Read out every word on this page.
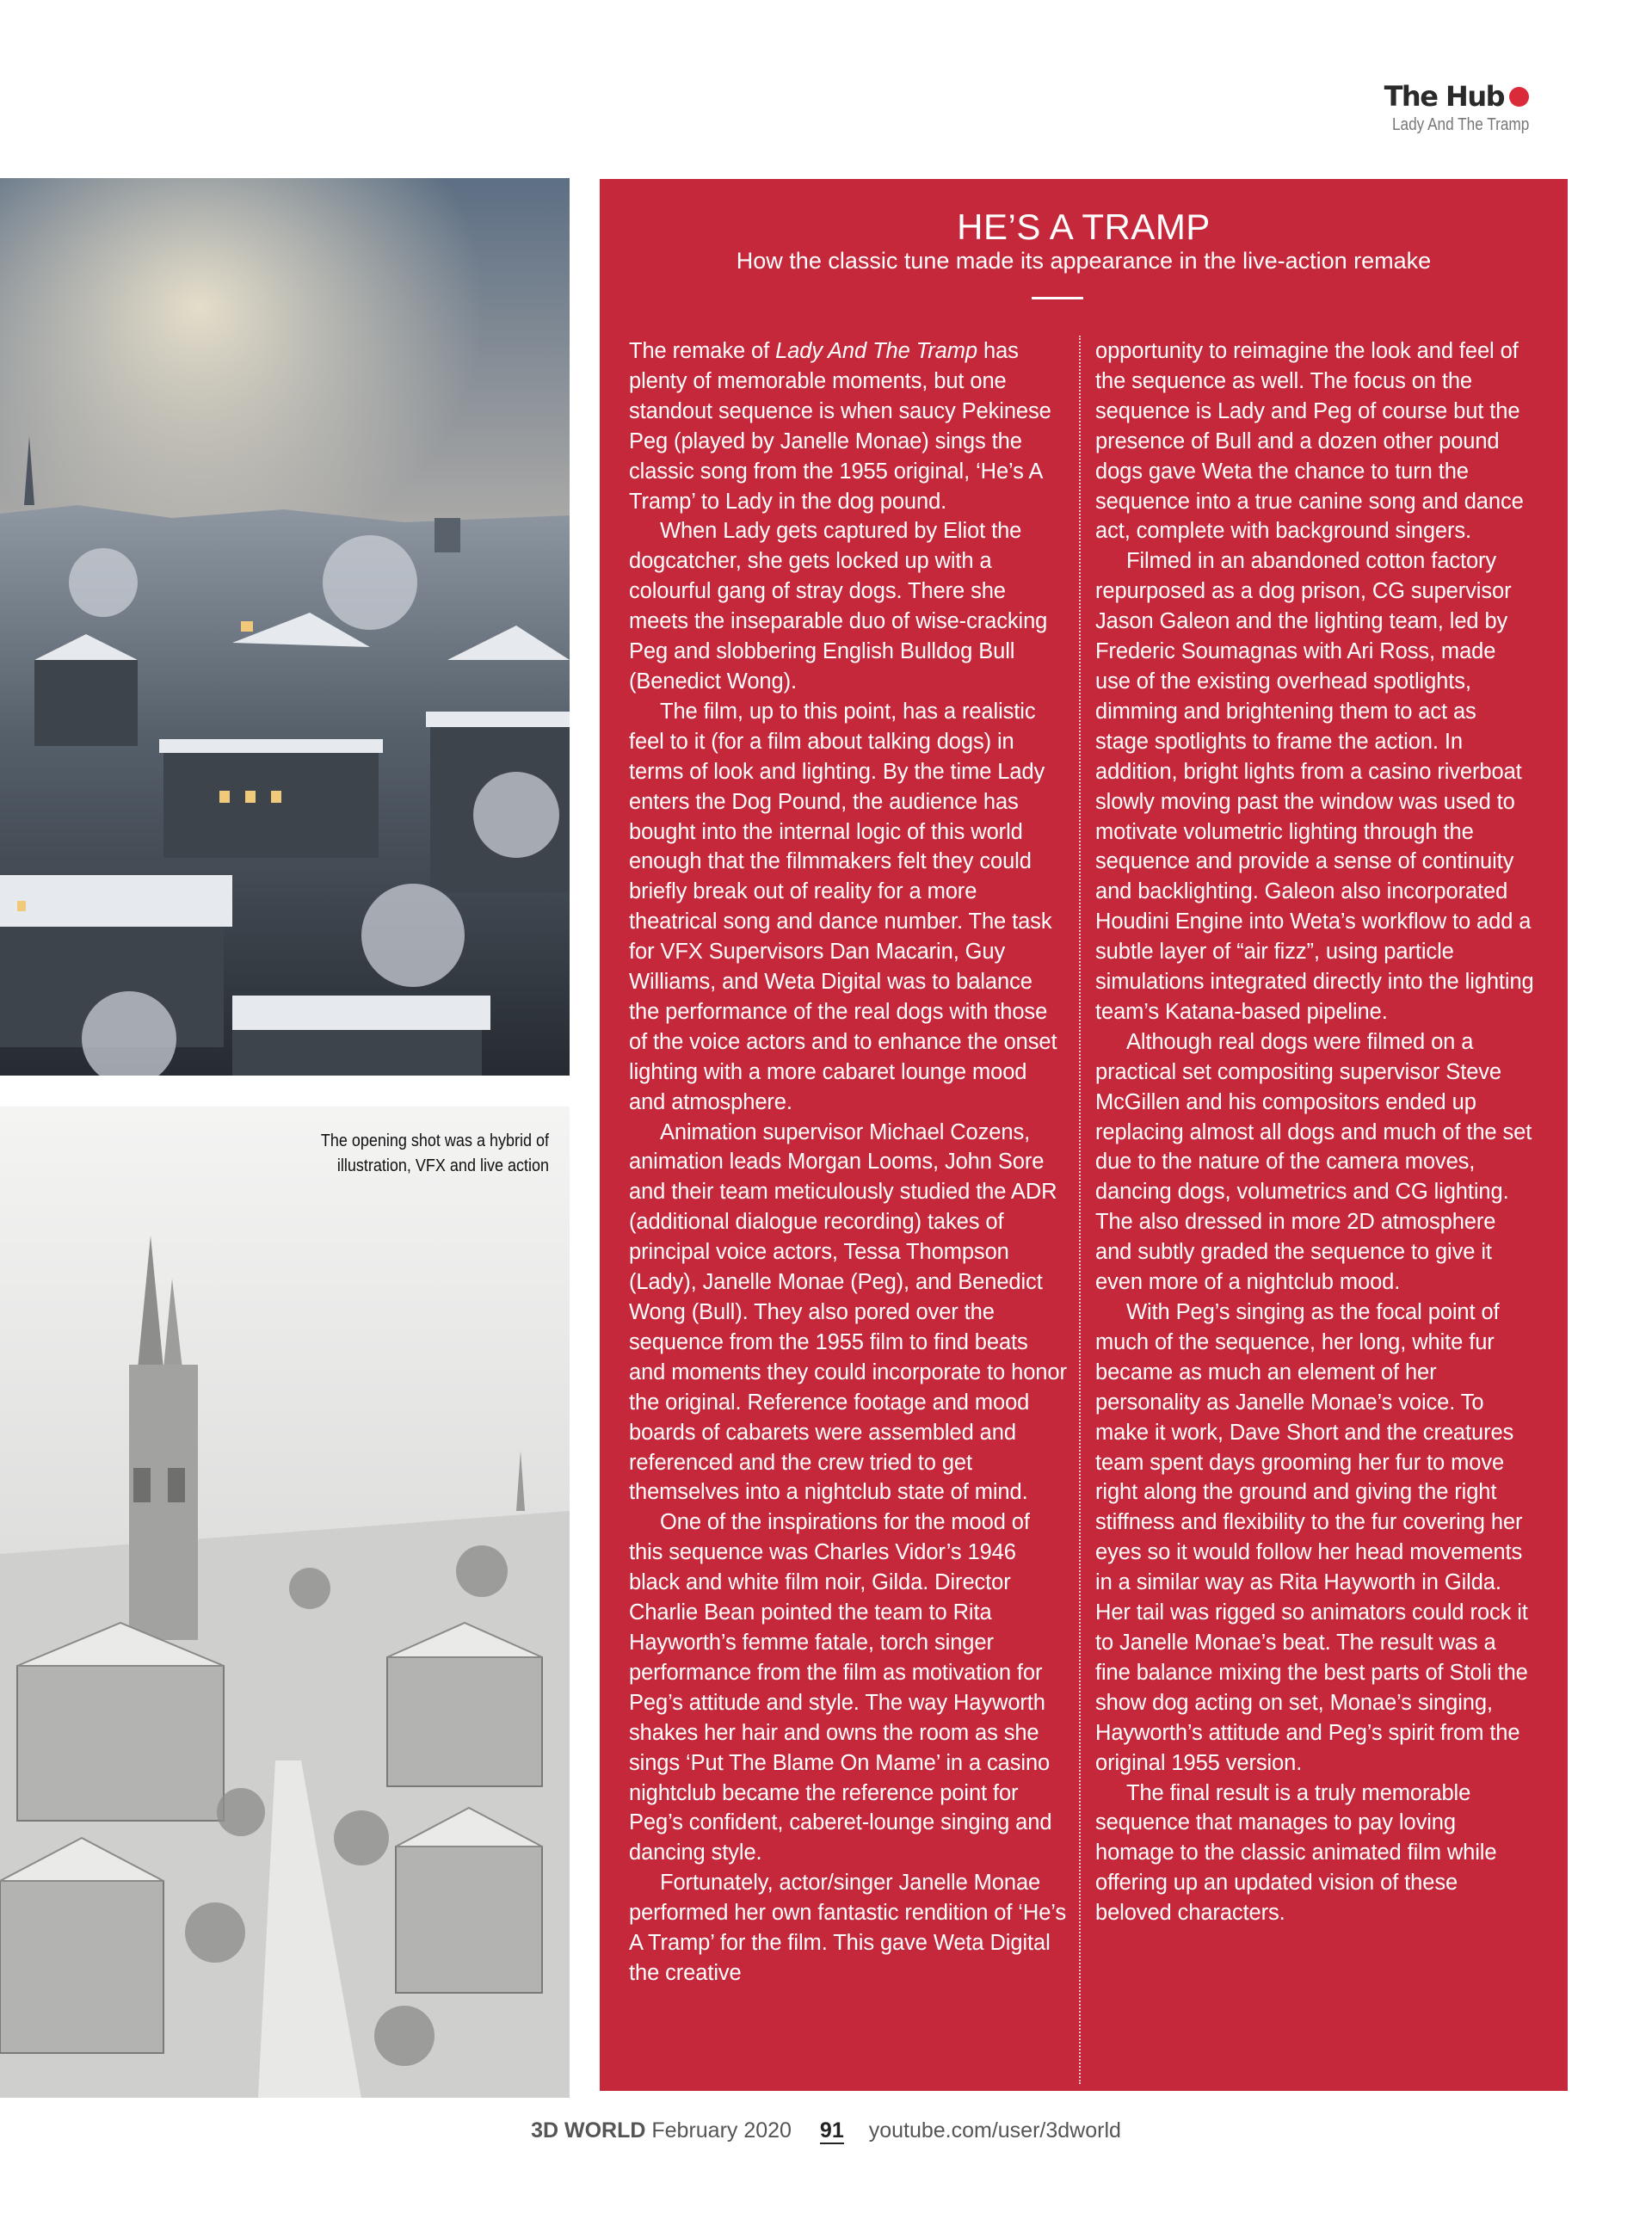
The Hub
Lady And The Tramp
The opening shot was a hybrid of illustration, VFX and live action
HE’S A TRAMP

How the classic tune made its appearance in the live-action remake

The remake of Lady And The Tramp has plenty of memorable moments, but one standout sequence is when saucy Pekinese Peg (played by Janelle Monae) sings the classic song from the 1955 original, ‘He’s A Tramp’ to Lady in the dog pound.

When Lady gets captured by Eliot the dogcatcher, she gets locked up with a colourful gang of stray dogs. There she meets the inseparable duo of wise-cracking Peg and slobbering English Bulldog Bull (Benedict Wong).

The film, up to this point, has a realistic feel to it (for a film about talking dogs) in terms of look and lighting. By the time Lady enters the Dog Pound, the audience has bought into the internal logic of this world enough that the filmmakers felt they could briefly break out of reality for a more theatrical song and dance number. The task for VFX Supervisors Dan Macarin, Guy Williams, and Weta Digital was to balance the performance of the real dogs with those of the voice actors and to enhance the onset lighting with a more cabaret lounge mood and atmosphere.

Animation supervisor Michael Cozens, animation leads Morgan Looms, John Sore and their team meticulously studied the ADR (additional dialogue recording) takes of principal voice actors, Tessa Thompson (Lady), Janelle Monae (Peg), and Benedict Wong (Bull). They also pored over the sequence from the 1955 film to find beats and moments they could incorporate to honor the original. Reference footage and mood boards of cabarets were assembled and referenced and the crew tried to get themselves into a nightclub state of mind.

One of the inspirations for the mood of this sequence was Charles Vidor’s 1946 black and white film noir, Gilda. Director Charlie Bean pointed the team to Rita Hayworth’s femme fatale, torch singer performance from the film as motivation for Peg’s attitude and style. The way Hayworth shakes her hair and owns the room as she sings ‘Put The Blame On Mame’ in a casino nightclub became the reference point for Peg’s confident, caberet-lounge singing and dancing style.

Fortunately, actor/singer Janelle Monae performed her own fantastic rendition of ‘He’s A Tramp’ for the film. This gave Weta Digital the creative

opportunity to reimagine the look and feel of the sequence as well. The focus on the sequence is Lady and Peg of course but the presence of Bull and a dozen other pound dogs gave Weta the chance to turn the sequence into a true canine song and dance act, complete with background singers.

Filmed in an abandoned cotton factory repurposed as a dog prison, CG supervisor Jason Galeon and the lighting team, led by Frederic Soumagnas with Ari Ross, made use of the existing overhead spotlights, dimming and brightening them to act as stage spotlights to frame the action. In addition, bright lights from a casino riverboat slowly moving past the window was used to motivate volumetric lighting through the sequence and provide a sense of continuity and backlighting. Galeon also incorporated Houdini Engine into Weta’s workflow to add a subtle layer of “air fizz”, using particle simulations integrated directly into the lighting team’s Katana-based pipeline.

Although real dogs were filmed on a practical set compositing supervisor Steve McGillen and his compositors ended up replacing almost all dogs and much of the set due to the nature of the camera moves, dancing dogs, volumetrics and CG lighting. The also dressed in more 2D atmosphere and subtly graded the sequence to give it even more of a nightclub mood.

With Peg’s singing as the focal point of much of the sequence, her long, white fur became as much an element of her personality as Janelle Monae’s voice. To make it work, Dave Short and the creatures team spent days grooming her fur to move right along the ground and giving the right stiffness and flexibility to the fur covering her eyes so it would follow her head movements in a similar way as Rita Hayworth in Gilda. Her tail was rigged so animators could rock it to Janelle Monae’s beat. The result was a fine balance mixing the best parts of Stoli the show dog acting on set, Monae’s singing, Hayworth’s attitude and Peg’s spirit from the original 1955 version.

The final result is a truly memorable sequence that manages to pay loving homage to the classic animated film while offering up an updated vision of these beloved characters.

3D WORLD February 2020 91 youtube.com/user/3dworld
